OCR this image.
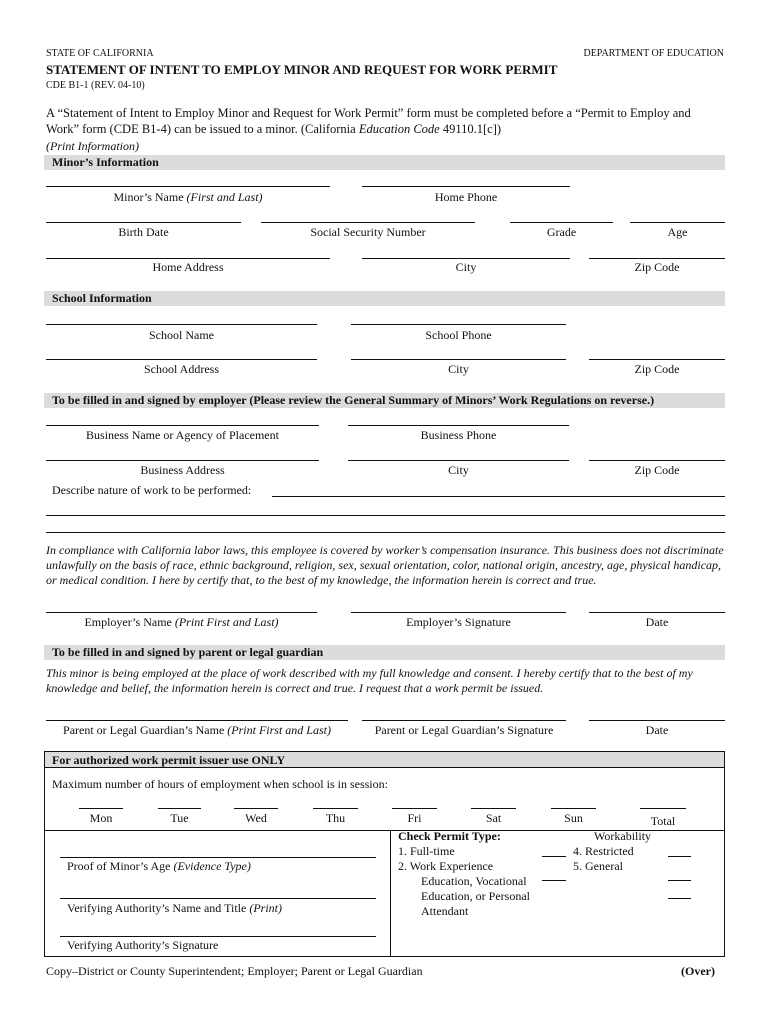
STATE OF CALIFORNIA	DEPARTMENT OF EDUCATION
STATEMENT OF INTENT TO EMPLOY MINOR AND REQUEST FOR WORK PERMIT
CDE B1-1 (REV. 04-10)
A “Statement of Intent to Employ Minor and Request for Work Permit” form must be completed before a “Permit to Employ and Work” form (CDE B1-4) can be issued to a minor. (California Education Code 49110.1[c])
(Print Information)
Minor’s Information
Minor’s Name (First and Last)	Home Phone
Birth Date	Social Security Number	Grade	Age
Home Address	City	Zip Code
School Information
School Name	School Phone
School Address	City	Zip Code
To be filled in and signed by employer (Please review the General Summary of Minors’ Work Regulations on reverse.)
Business Name or Agency of Placement	Business Phone
Business Address	City	Zip Code
Describe nature of work to be performed:
In compliance with California labor laws, this employee is covered by worker’s compensation insurance. This business does not discriminate unlawfully on the basis of race, ethnic background, religion, sex, sexual orientation, color, national origin, ancestry, age, physical handicap, or medical condition. I here by certify that, to the best of my knowledge, the information herein is correct and true.
Employer’s Name (Print First and Last)	Employer’s Signature	Date
To be filled in and signed by parent or legal guardian
This minor is being employed at the place of work described with my full knowledge and consent. I hereby certify that to the best of my knowledge and belief, the information herein is correct and true. I request that a work permit be issued.
Parent or Legal Guardian’s Name (Print First and Last)	Parent or Legal Guardian’s Signature	Date
For authorized work permit issuer use ONLY
Maximum number of hours of employment when school is in session:
Mon	Tue	Wed	Thu	Fri	Sat	Sun	Total
Proof of Minor’s Age (Evidence Type)
Verifying Authority’s Name and Title (Print)
Verifying Authority’s Signature
Check Permit Type:
1. Full-time
2. Work Experience
Education, Vocational
Education, or Personal
Attendant
Workability
4. Restricted
5. General
Copy–District or County Superintendent; Employer; Parent or Legal Guardian	(Over)
